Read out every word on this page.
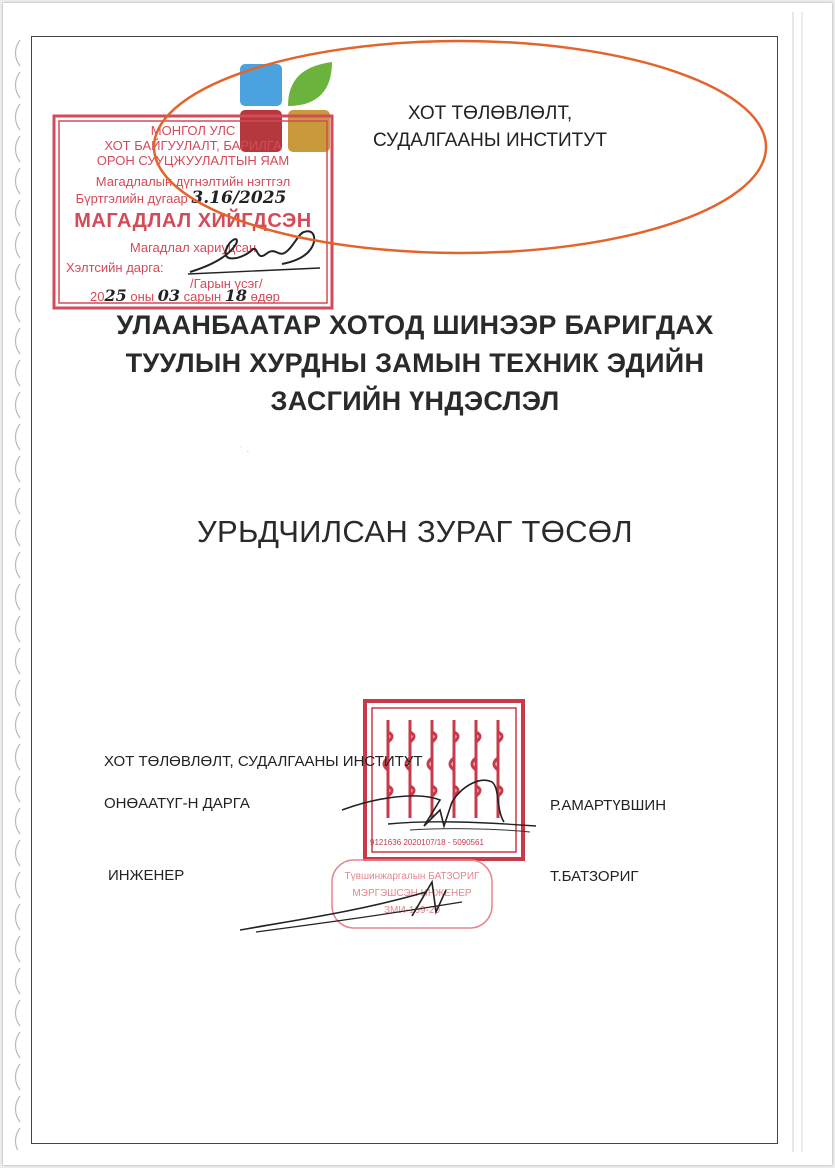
ХОТ ТӨЛӨВЛӨЛТ,
СУДАЛГААНЫ ИНСТИТУТ
МОНГОЛ УЛС
ХОТ БАЙГУУЛАЛТ, БАРИЛГА
ОРОН СУУЦЖУУЛАЛТЫН ЯАМ
Магадлалын дүгнэлтийн нэгтгэл
Бүртгэлийн дугаар 3.16/2025
МАГАДЛАЛ ХИЙГДСЭН
Магадлал хариуцсан
Хэлтсийн дарга:
/Гарын үсэг/
2025 оны 03 сарын 18 өдөр
УЛААНБААТАР ХОТОД ШИНЭЭР БАРИГДАХ
ТУУЛЫН ХУРДНЫ ЗАМЫН ТЕХНИК ЭДИЙН
ЗАСГИЙН ҮНДЭСЛЭЛ
УРЬДЧИЛСАН ЗУРАГ ТӨСӨЛ
9121636 2020107/18 - 5090561
Түвшинжаргалын БАТЗОРИГ
МЭРГЭШСЭН ИНЖЕНЕР
ЗМИ-169-20
ХОТ ТӨЛӨВЛӨЛТ, СУДАЛГААНЫ ИНСТИТУТ
ОНӨААТҮГ-Н ДАРГА	Р.АМАРТҮВШИН
ИНЖЕНЕР	Т.БАТЗОРИГ
˙ ·
